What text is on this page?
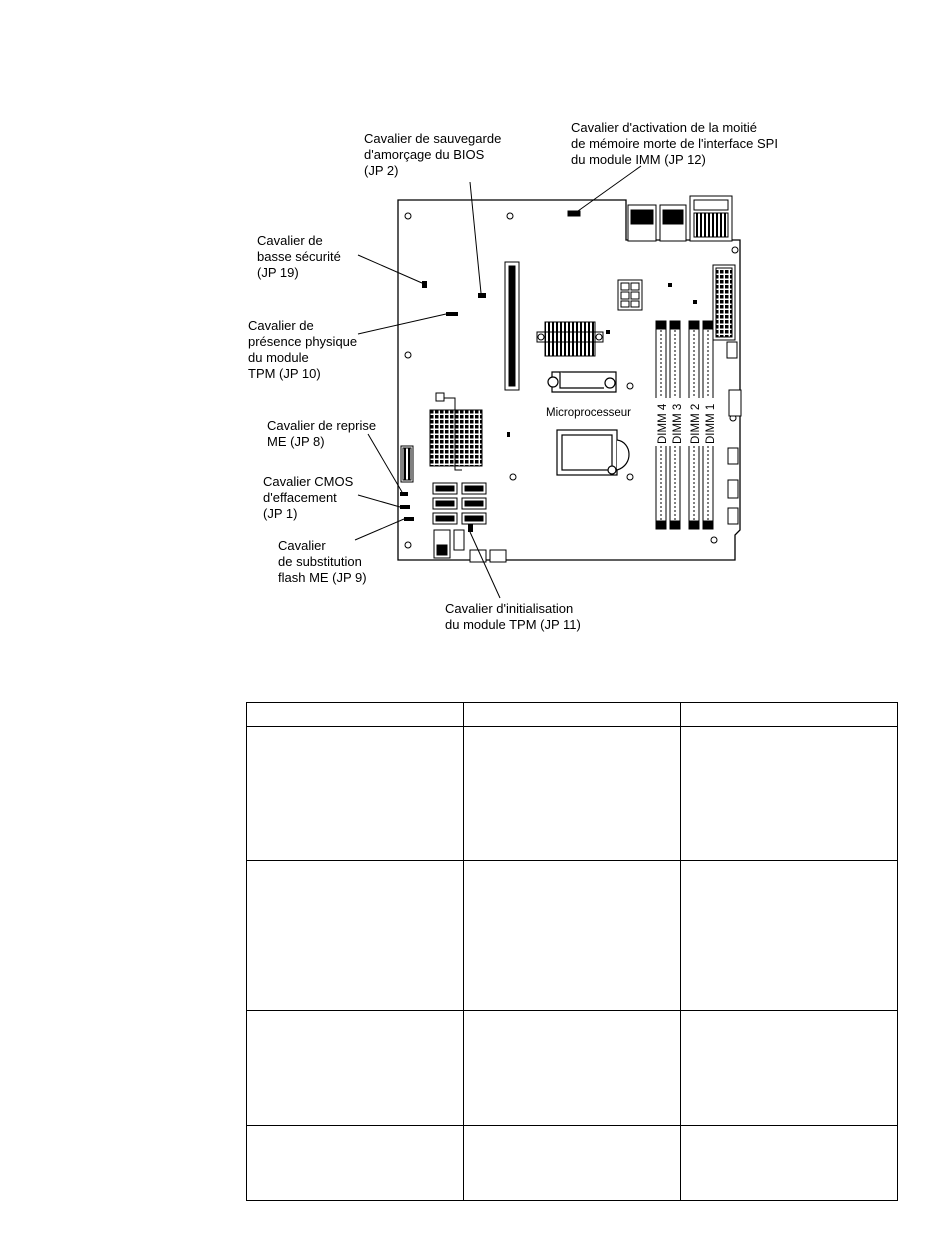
Microprocesseur DIMM 4 DIMM 3 DIMM 2 DIMM 1
Cavalier de sauvegarde d'amorçage du BIOS (JP 2)
Cavalier d'activation de la moitié de mémoire morte de l'interface SPI du module IMM (JP 12)
Cavalier de basse sécurité (JP 19)
Cavalier de présence physique du module TPM (JP 10)
Cavalier de reprise ME (JP 8)
Cavalier CMOS d'effacement (JP 1)
Cavalier de substitution flash ME (JP 9)
Cavalier d'initialisation du module TPM (JP 11)
